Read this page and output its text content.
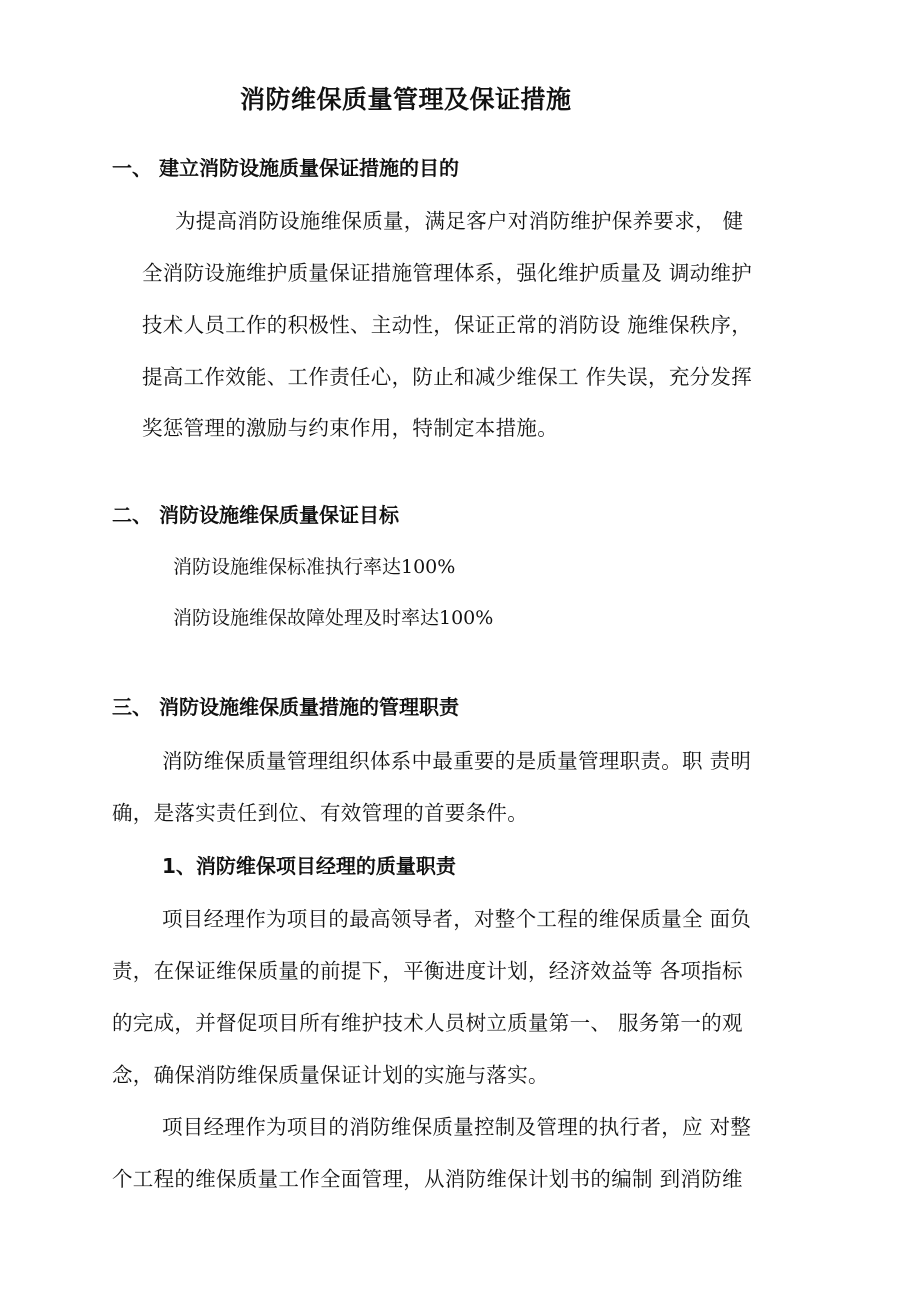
消防维保质量管理及保证措施
一、 建立消防设施质量保证措施的目的
为提高消防设施维保质量，满足客户对消防维护保养要求， 健
全消防设施维护质量保证措施管理体系，强化维护质量及 调动维护
技术人员工作的积极性、主动性，保证正常的消防设 施维保秩序，
提高工作效能、工作责任心，防止和减少维保工 作失误，充分发挥
奖惩管理的激励与约束作用，特制定本措施。
二、 消防设施维保质量保证目标
消防设施维保标准执行率达100%
消防设施维保故障处理及时率达100%
三、 消防设施维保质量措施的管理职责
消防维保质量管理组织体系中最重要的是质量管理职责。职 责明
确，是落实责任到位、有效管理的首要条件。
1、消防维保项目经理的质量职责
项目经理作为项目的最高领导者，对整个工程的维保质量全 面负
责，在保证维保质量的前提下，平衡进度计划，经济效益等 各项指标
的完成，并督促项目所有维护技术人员树立质量第一、 服务第一的观
念，确保消防维保质量保证计划的实施与落实。
项目经理作为项目的消防维保质量控制及管理的执行者，应 对整
个工程的维保质量工作全面管理，从消防维保计划书的编制 到消防维
